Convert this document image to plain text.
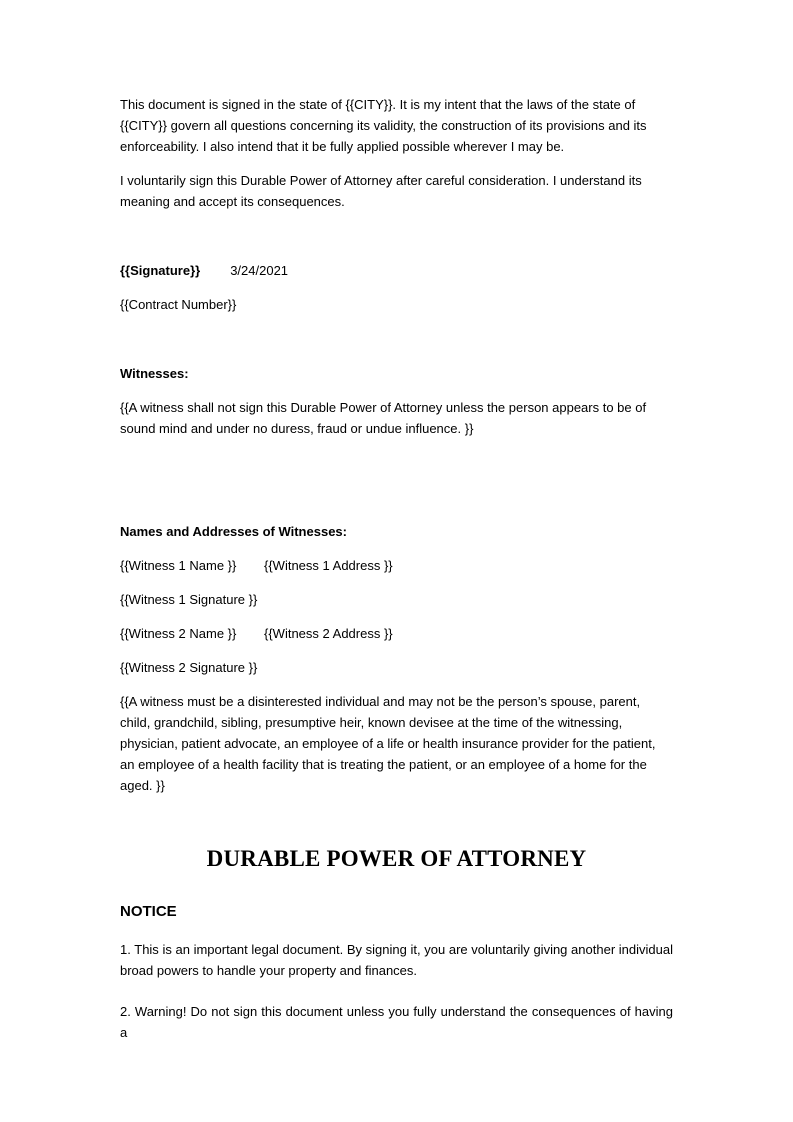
This document is signed in the state of {{CITY}}. It is my intent that the laws of the state of {{CITY}} govern all questions concerning its validity, the construction of its provisions and its enforceability. I also intend that it be fully applied possible wherever I may be.

I voluntarily sign this Durable Power of Attorney after careful consideration. I understand its meaning and accept its consequences.

{{Signature}} 3/24/2021

{{Contract Number}}

Witnesses:

{{A witness shall not sign this Durable Power of Attorney unless the person appears to be of sound mind and under no duress, fraud or undue influence. }}

Names and Addresses of Witnesses:

{{Witness 1 Name }}	{{Witness 1 Address }}

{{Witness 1 Signature }}

{{Witness 2 Name }}	{{Witness 2 Address }}

{{Witness 2 Signature }}

{{A witness must be a disinterested individual and may not be the person’s spouse, parent, child, grandchild, sibling, presumptive heir, known devisee at the time of the witnessing, physician, patient advocate, an employee of a life or health insurance provider for the patient, an employee of a health facility that is treating the patient, or an employee of a home for the aged. }}

DURABLE POWER OF ATTORNEY
NOTICE

1. This is an important legal document. By signing it, you are voluntarily giving another individual broad powers to handle your property and finances.

2. Warning! Do not sign this document unless you fully understand the consequences of having a
